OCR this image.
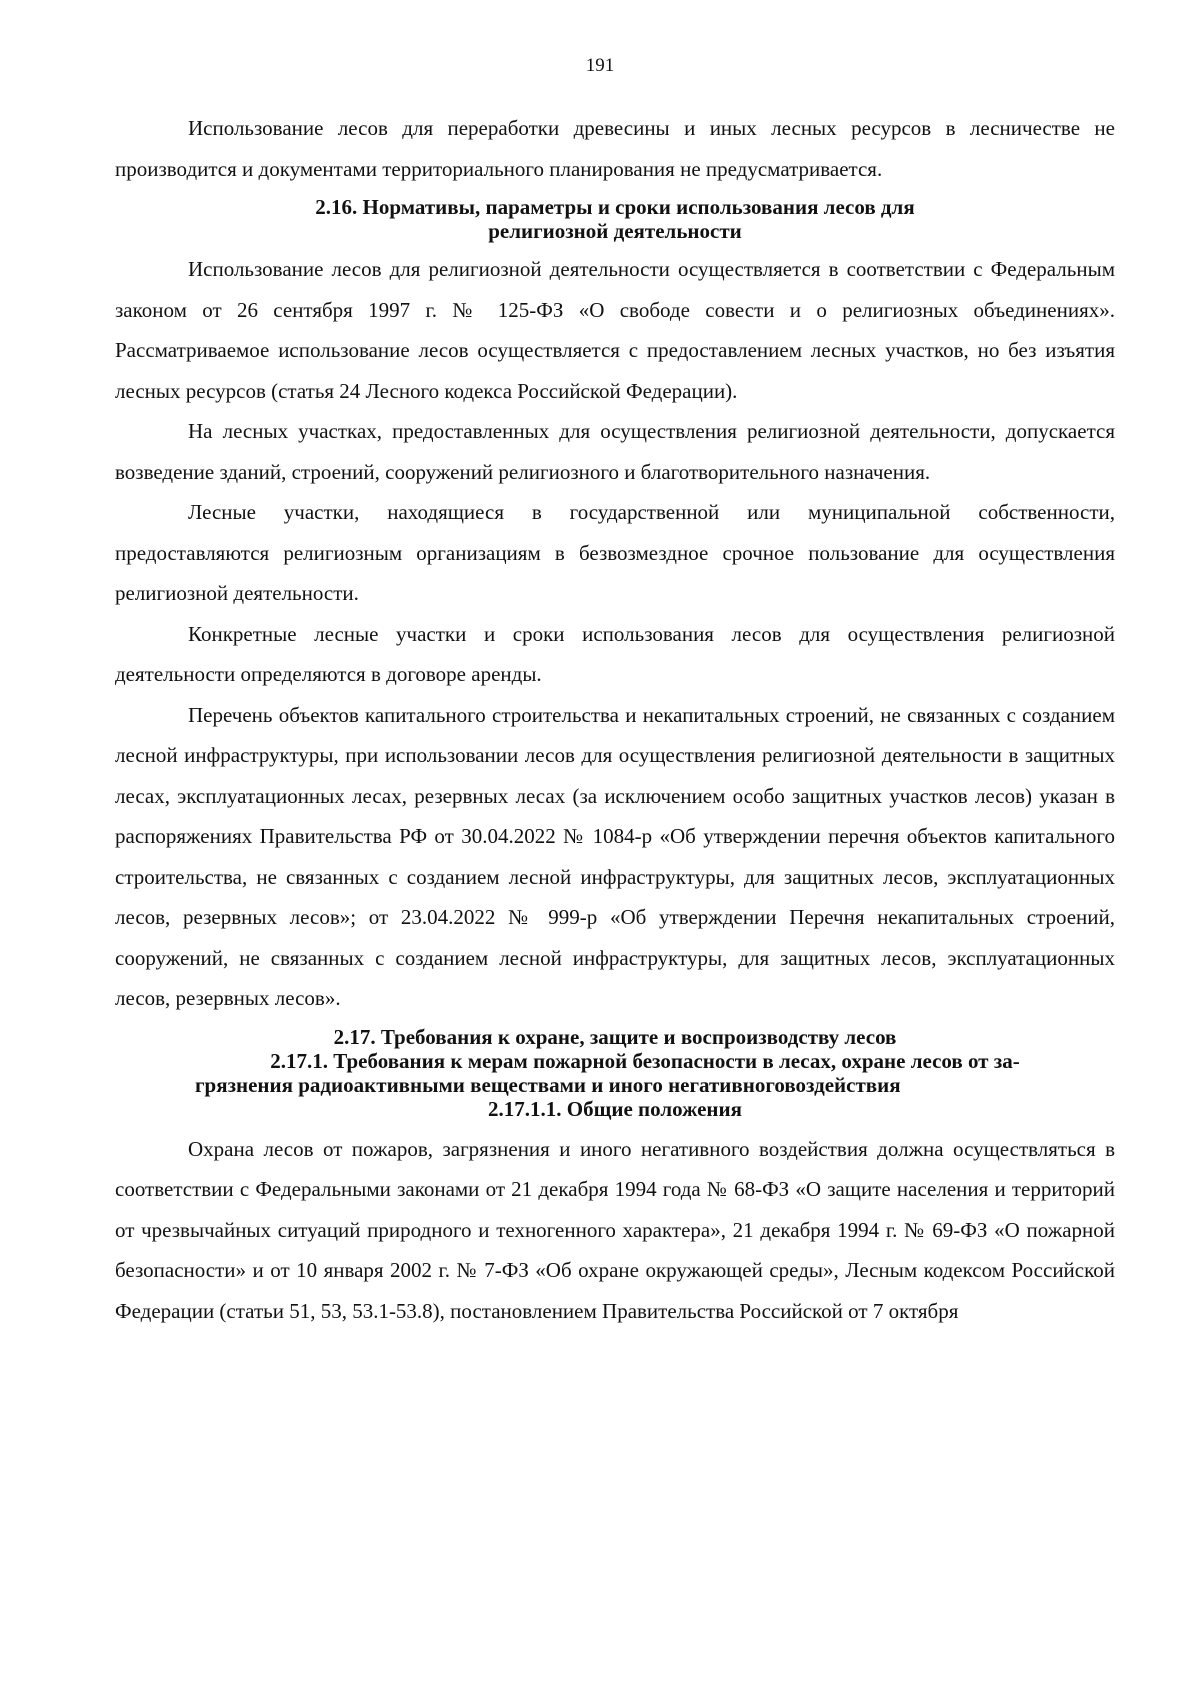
191

Использование лесов для переработки древесины и иных лесных ресурсов в лесничестве не производится и документами территориального планирования не предусматривается.

2.16. Нормативы, параметры и сроки использования лесов для
религиозной деятельности

Использование лесов для религиозной деятельности осуществляется в соответствии с Федеральным законом от 26 сентября 1997 г. № 125-ФЗ «О свободе совести и о религиозных объединениях». Рассматриваемое использование лесов осуществляется с предоставлением лесных участков, но без изъятия лесных ресурсов (статья 24 Лесного кодекса Российской Федерации).

На лесных участках, предоставленных для осуществления религиозной деятельности, допускается возведение зданий, строений, сооружений религиозного и благотворительного назначения.

Лесные участки, находящиеся в государственной или муниципальной собственности, предоставляются религиозным организациям в безвозмездное срочное пользование для осуществления религиозной деятельности.

Конкретные лесные участки и сроки использования лесов для осуществления религиозной деятельности определяются в договоре аренды.

Перечень объектов капитального строительства и некапитальных строений, не связанных с созданием лесной инфраструктуры, при использовании лесов для осуществления религиозной деятельности в защитных лесах, эксплуатационных лесах, резервных лесах (за исключением особо защитных участков лесов) указан в распоряжениях Правительства РФ от 30.04.2022 № 1084-р «Об утверждении перечня объектов капитального строительства, не связанных с созданием лесной инфраструктуры, для защитных лесов, эксплуатационных лесов, резервных лесов»; от 23.04.2022 № 999-р «Об утверждении Перечня некапитальных строений, сооружений, не связанных с созданием лесной инфраструктуры, для защитных лесов, эксплуатационных лесов, резервных лесов».

2.17. Требования к охране, защите и воспроизводству лесов
2.17.1. Требования к мерам пожарной безопасности в лесах, охране лесов от за-
грязнения радиоактивными веществами и иного негативноговоздействия
2.17.1.1. Общие положения

Охрана лесов от пожаров, загрязнения и иного негативного воздействия должна осуществляться в соответствии с Федеральными законами от 21 декабря 1994 года № 68-ФЗ «О защите населения и территорий от чрезвычайных ситуаций природного и техногенного характера», 21 декабря 1994 г. № 69-ФЗ «О пожарной безопасности» и от 10 января 2002 г. № 7-ФЗ «Об охране окружающей среды», Лесным кодексом Российской Федерации (статьи 51, 53, 53.1-53.8), постановлением Правительства Российской от 7 октября
